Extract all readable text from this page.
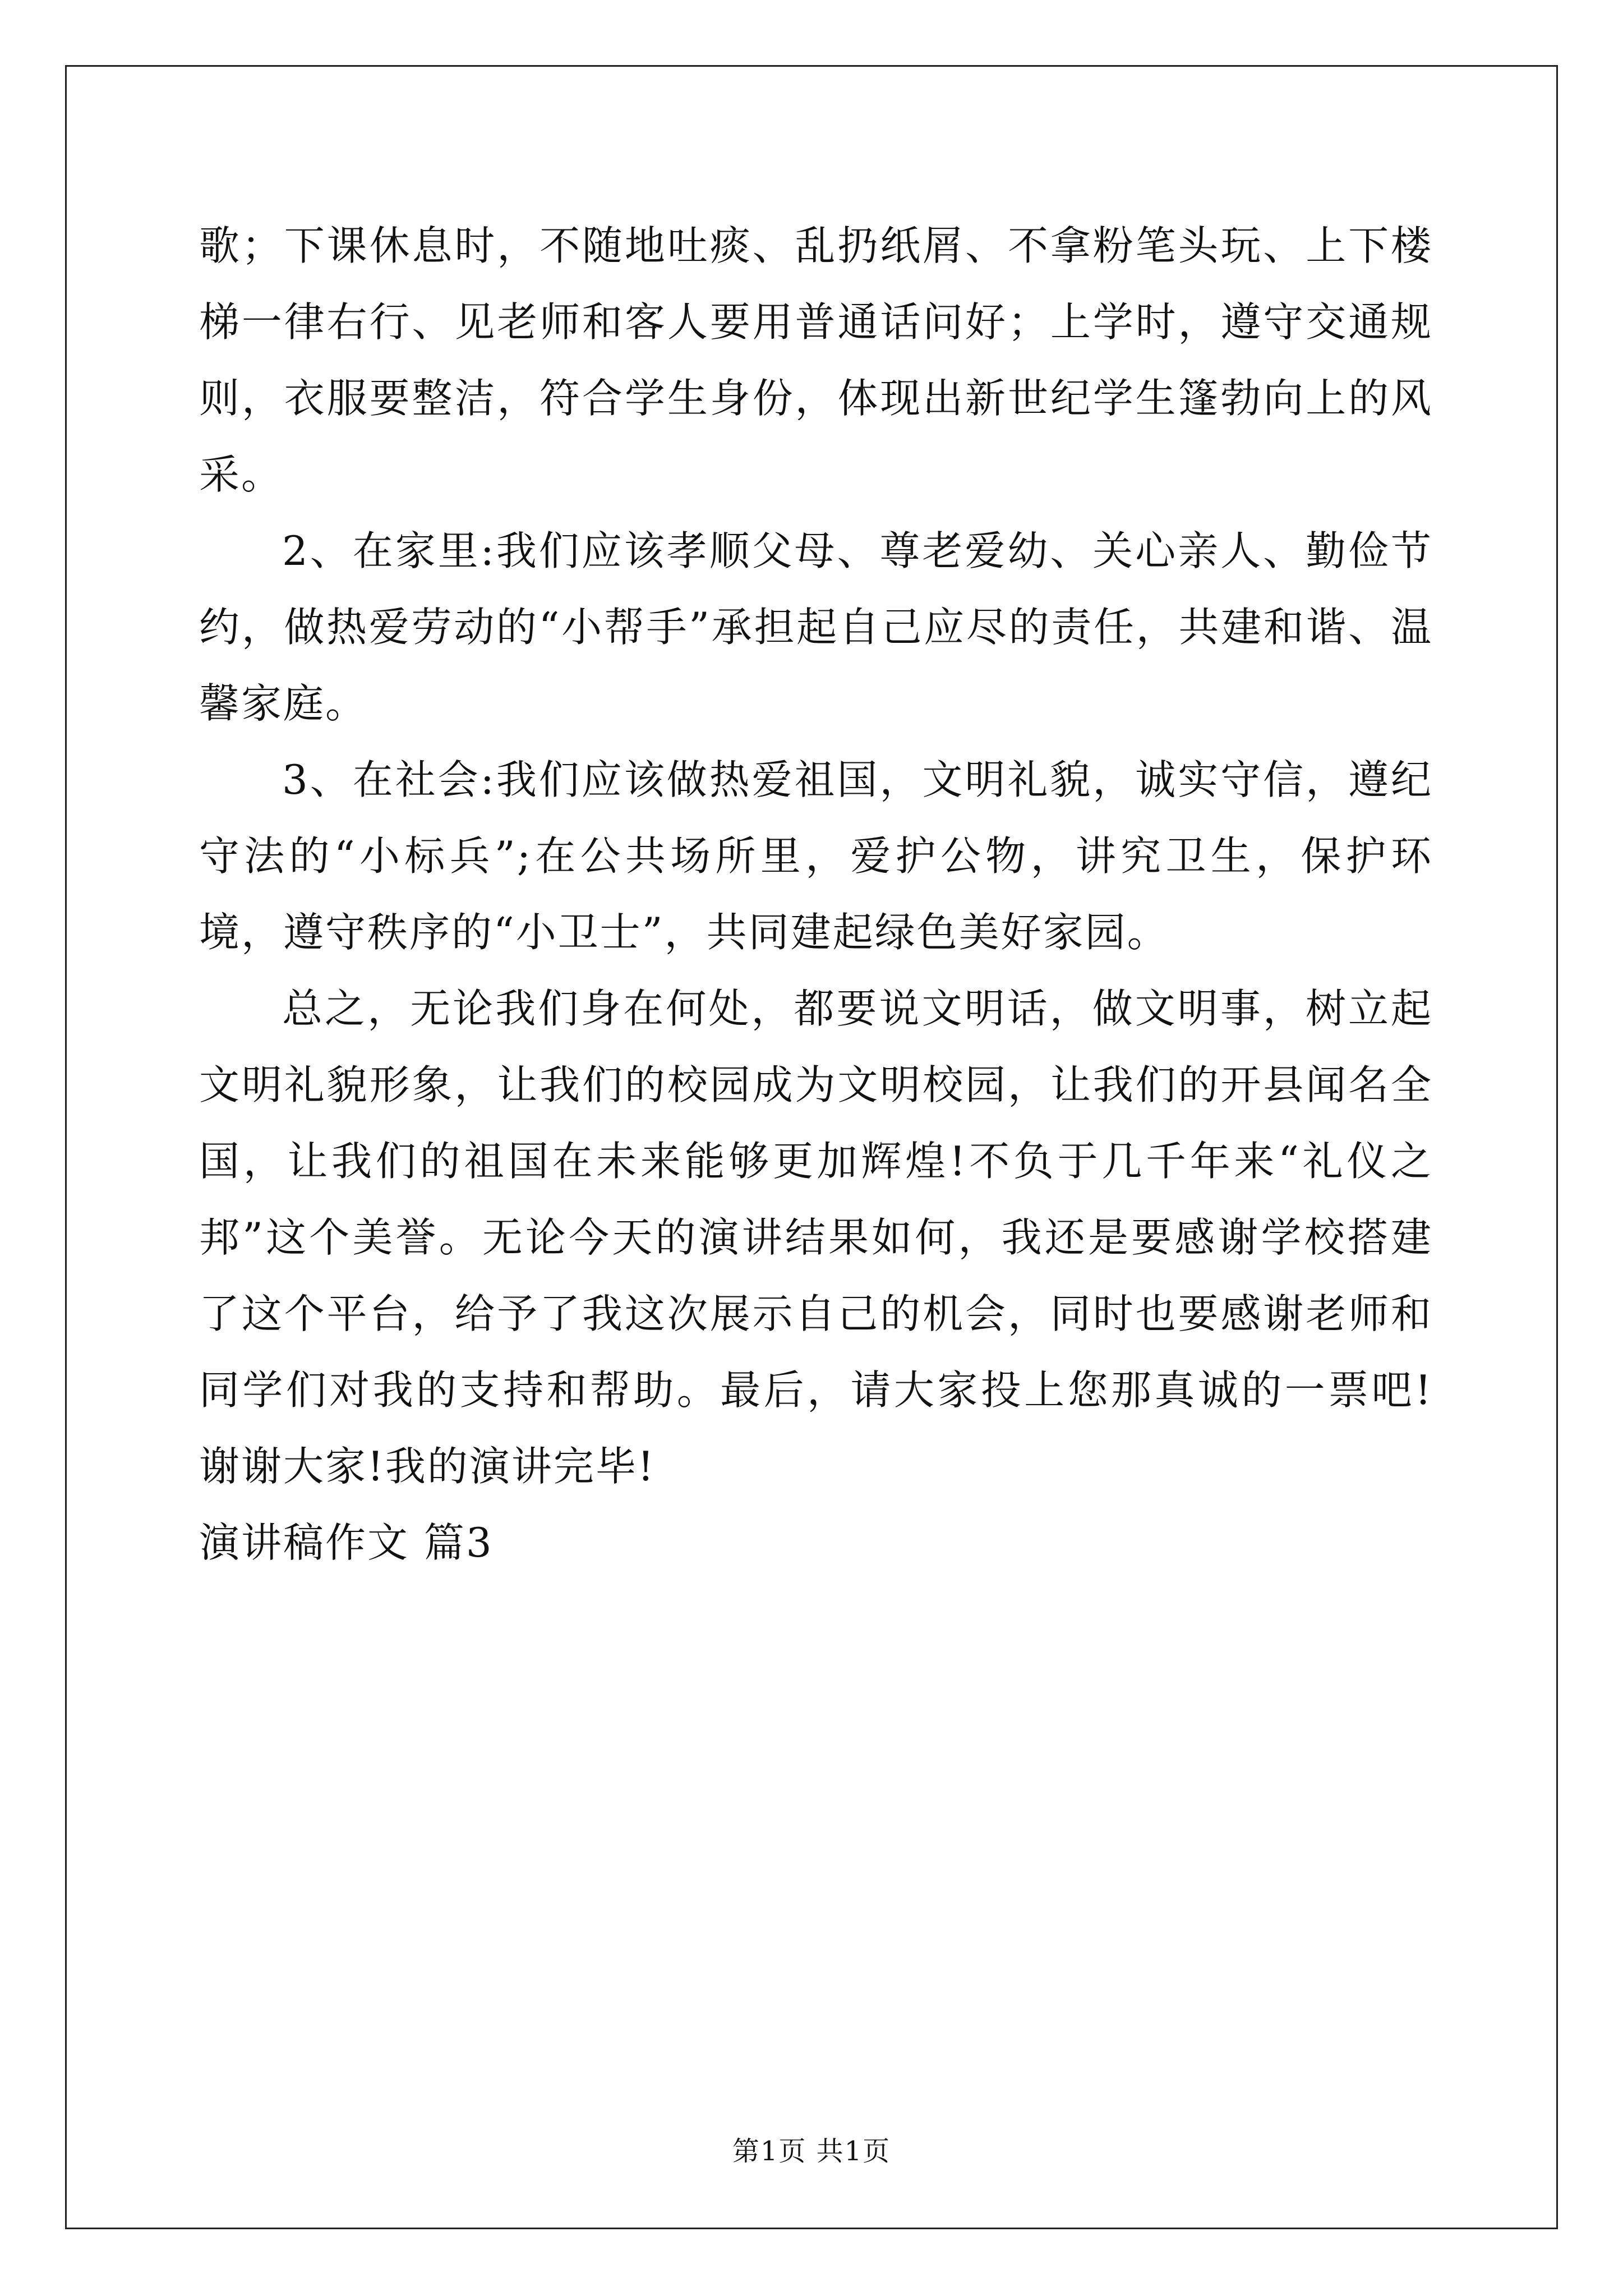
歌；下课休息时，不随地吐痰、乱扔纸屑、不拿粉笔头玩、上下楼梯一律右行、见老师和客人要用普通话问好；上学时，遵守交通规则，衣服要整洁，符合学生身份，体现出新世纪学生篷勃向上的风采。

2、在家里:我们应该孝顺父母、尊老爱幼、关心亲人、勤俭节约，做热爱劳动的“小帮手”承担起自己应尽的责任，共建和谐、温馨家庭。

3、在社会:我们应该做热爱祖国，文明礼貌，诚实守信，遵纪守法的“小标兵”;在公共场所里，爱护公物，讲究卫生，保护环境，遵守秩序的“小卫士”，共同建起绿色美好家园。

总之，无论我们身在何处，都要说文明话，做文明事，树立起文明礼貌形象，让我们的校园成为文明校园，让我们的开县闻名全国，让我们的祖国在未来能够更加辉煌!不负于几千年来“礼仪之邦”这个美誉。无论今天的演讲结果如何，我还是要感谢学校搭建了这个平台，给予了我这次展示自己的机会，同时也要感谢老师和同学们对我的支持和帮助。最后，请大家投上您那真诚的一票吧!谢谢大家!我的演讲完毕!

演讲稿作文 篇3

第1页 共1页
